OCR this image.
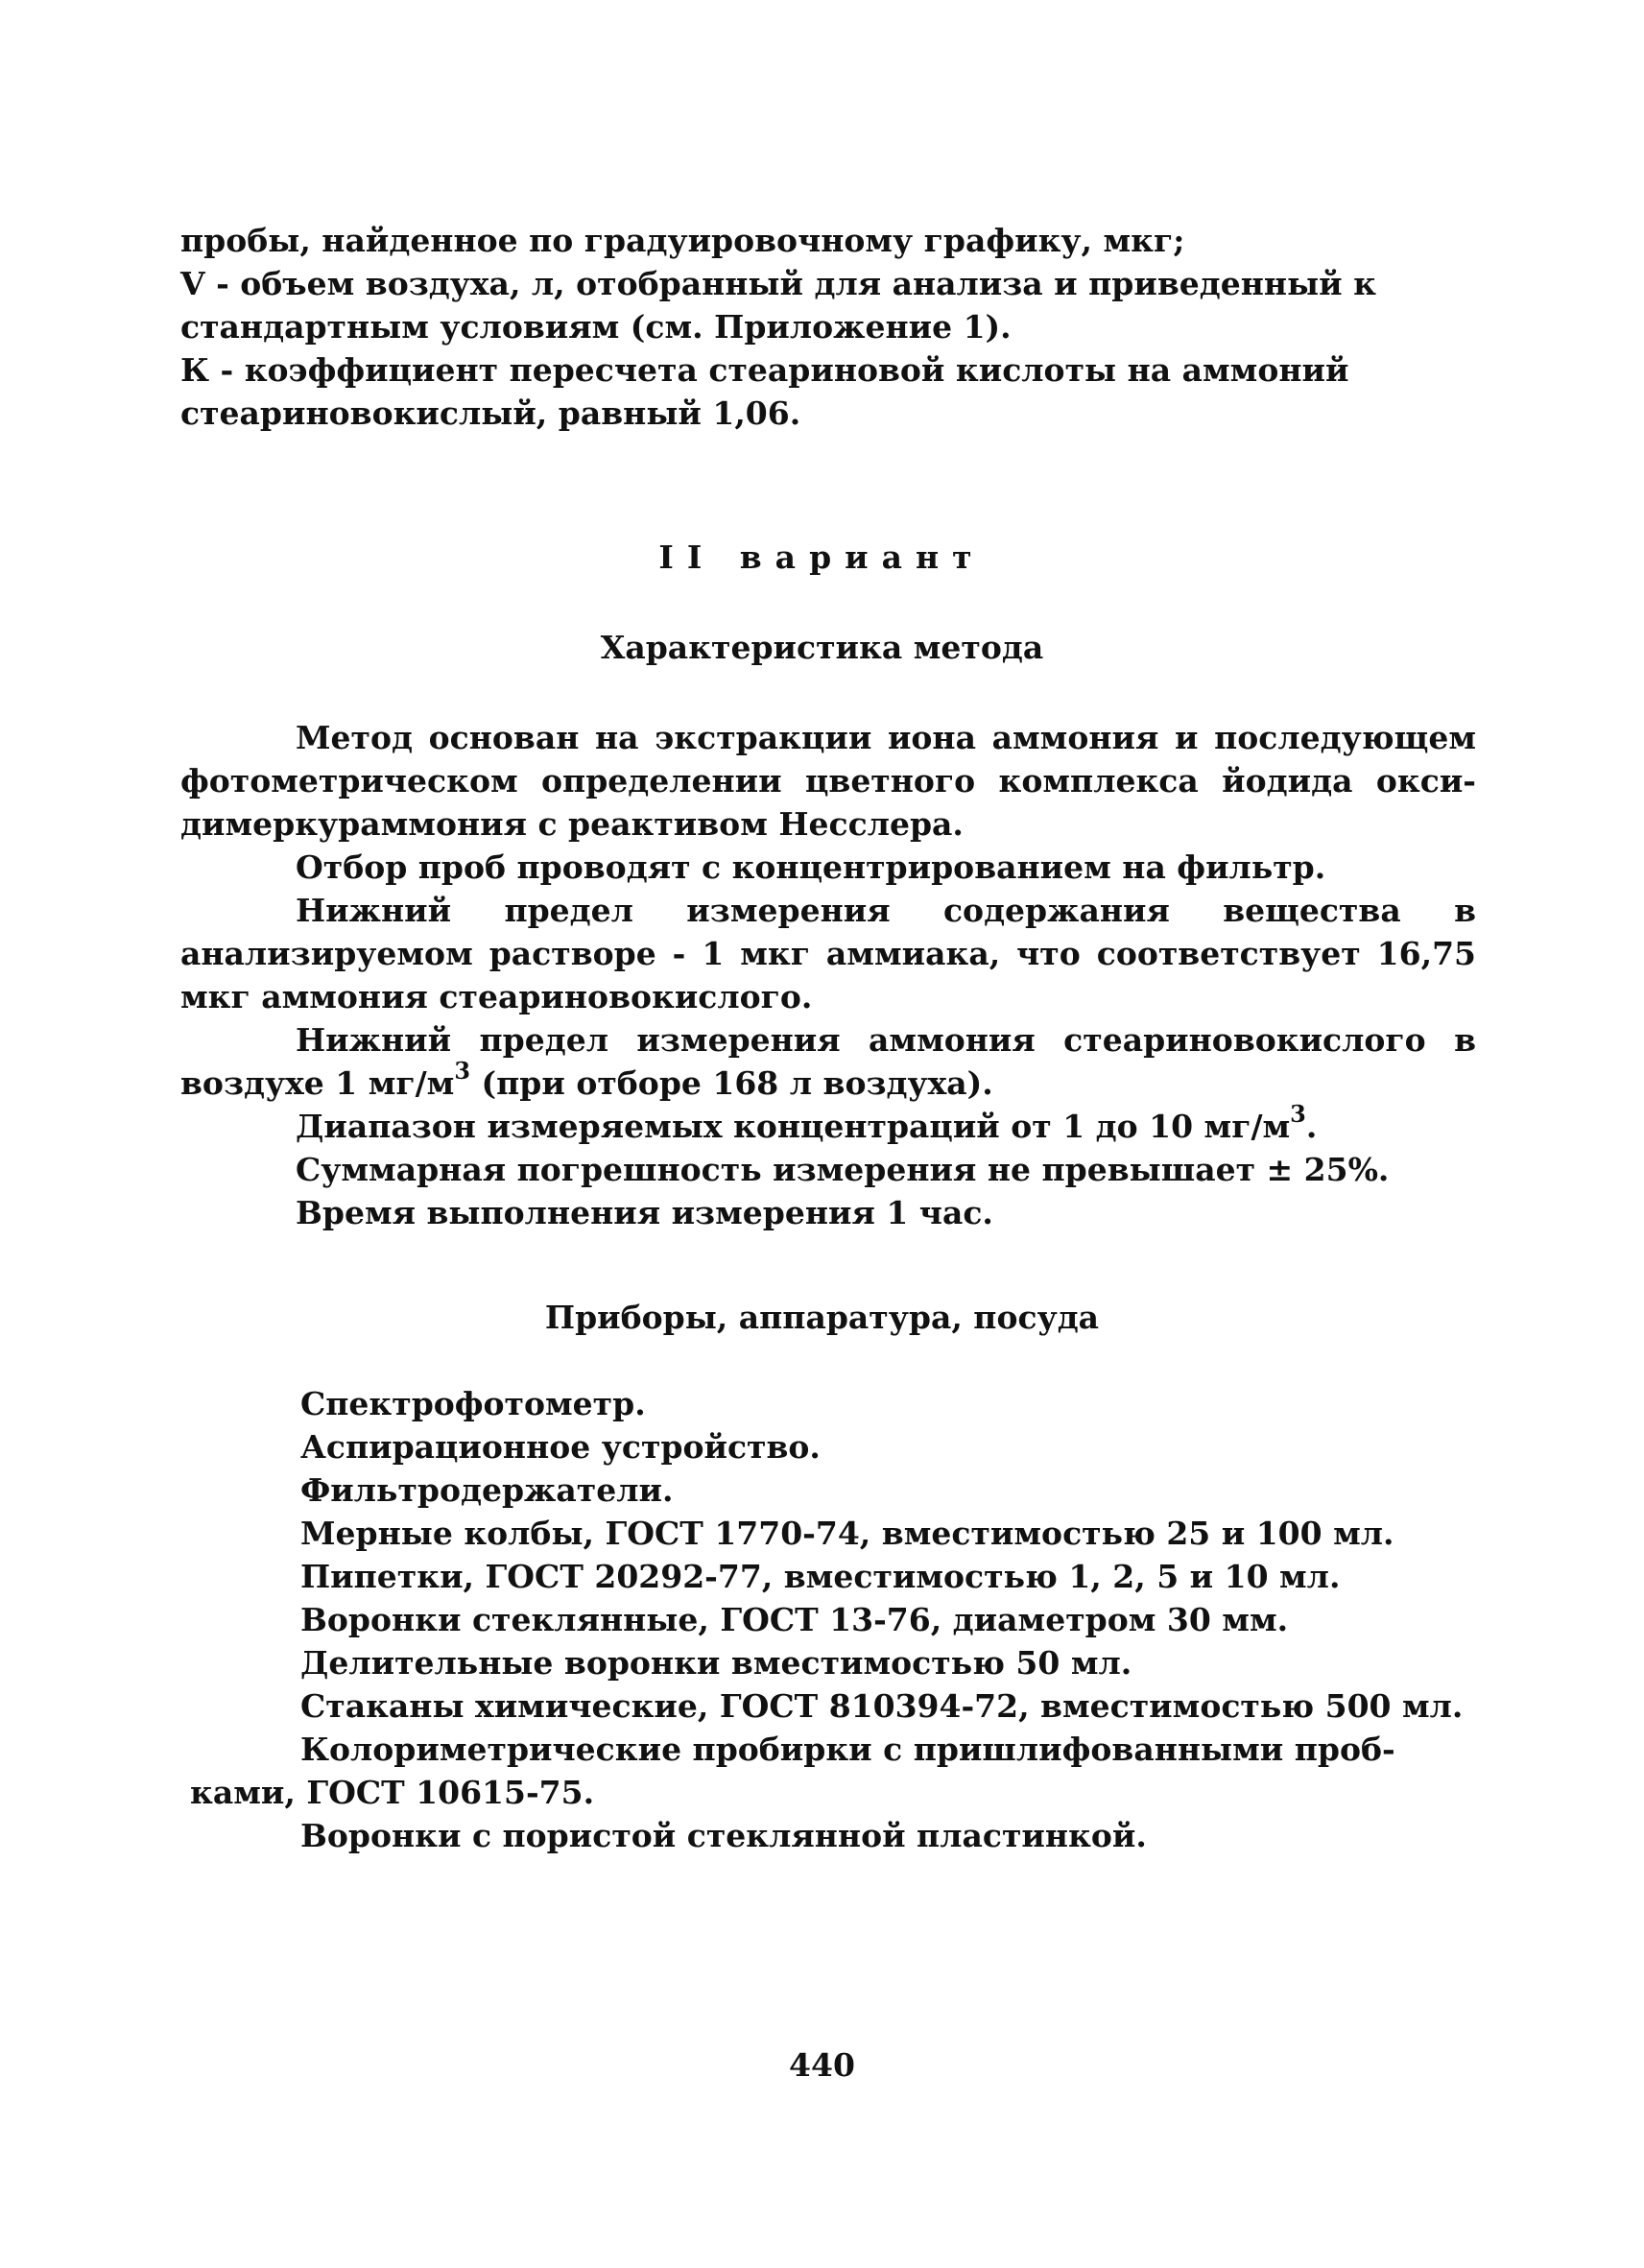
пробы, найденное по градуировочному графику, мкг;

V - объем воздуха, л, отобранный для анализа и приведенный к

стандартным условиям (см. Приложение 1).

К - коэффициент пересчета стеариновой кислоты на аммоний

стеариновокислый, равный 1,06.

II вариант
Характеристика метода

Метод основан на экстракции иона аммония и последующем фотометрическом определении цветного комплекса йодида окси-димеркураммония с реактивом Несслера.

Отбор проб проводят с концентрированием на фильтр.

Нижний предел измерения содержания вещества в анализируемом растворе - 1 мкг аммиака, что соответствует 16,75 мкг аммония стеариновокислого.

Нижний предел измерения аммония стеариновокислого в воздухе 1 $мг/м^3$ (при отборе 168 л воздуха).

Диапазон измеряемых концентраций от 1 до 10 $мг/м^3$.

Суммарная погрешность измерения не превышает ± 25%.

Время выполнения измерения 1 час.

Приборы, аппаратура, посуда

Спектрофотометр.

Аспирационное устройство.

Фильтродержатели.

Мерные колбы, ГОСТ 1770-74, вместимостью 25 и 100 мл.

Пипетки, ГОСТ 20292-77, вместимостью 1, 2, 5 и 10 мл.

Воронки стеклянные, ГОСТ 13-76, диаметром 30 мм.

Делительные воронки вместимостью 50 мл.

Стаканы химические, ГОСТ 810394-72, вместимостью 500 мл.

Колориметрические пробирки с пришлифованными проб-

ками, ГОСТ 10615-75.

Воронки с пористой стеклянной пластинкой.

440
